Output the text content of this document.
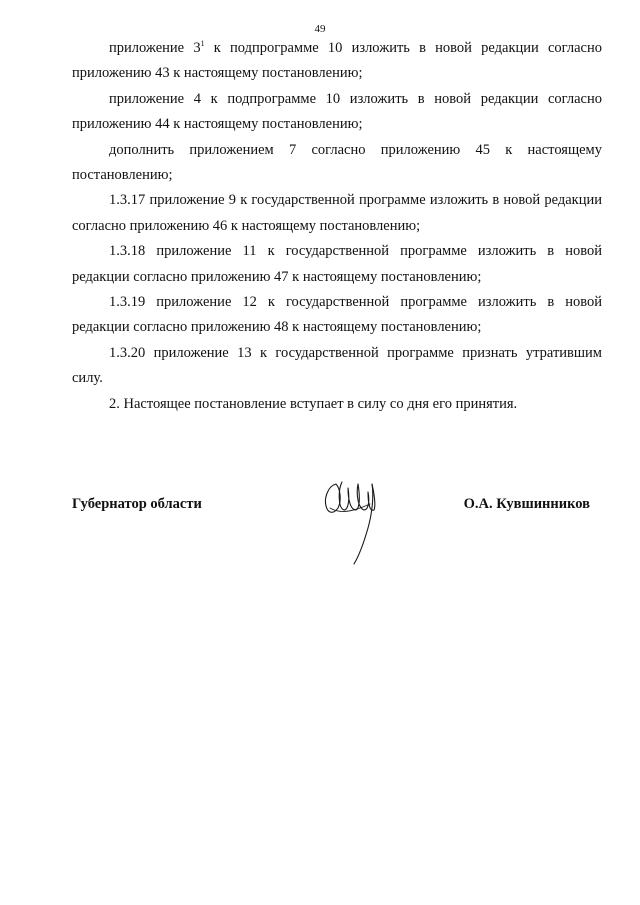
49

приложение $3^1$ к подпрограмме 10 изложить в новой редакции согласно приложению 43 к настоящему постановлению;

приложение 4 к подпрограмме 10 изложить в новой редакции согласно приложению 44 к настоящему постановлению;

дополнить приложением 7 согласно приложению 45 к настоящему постановлению;

1.3.17 приложение 9 к государственной программе изложить в новой редакции согласно приложению 46 к настоящему постановлению;

1.3.18 приложение 11 к государственной программе изложить в новой редакции согласно приложению 47 к настоящему постановлению;

1.3.19 приложение 12 к государственной программе изложить в новой редакции согласно приложению 48 к настоящему постановлению;

1.3.20 приложение 13 к государственной программе признать утратившим силу.

2. Настоящее постановление вступает в силу со дня его принятия.

Губернатор области	О.А. Кувшинников
